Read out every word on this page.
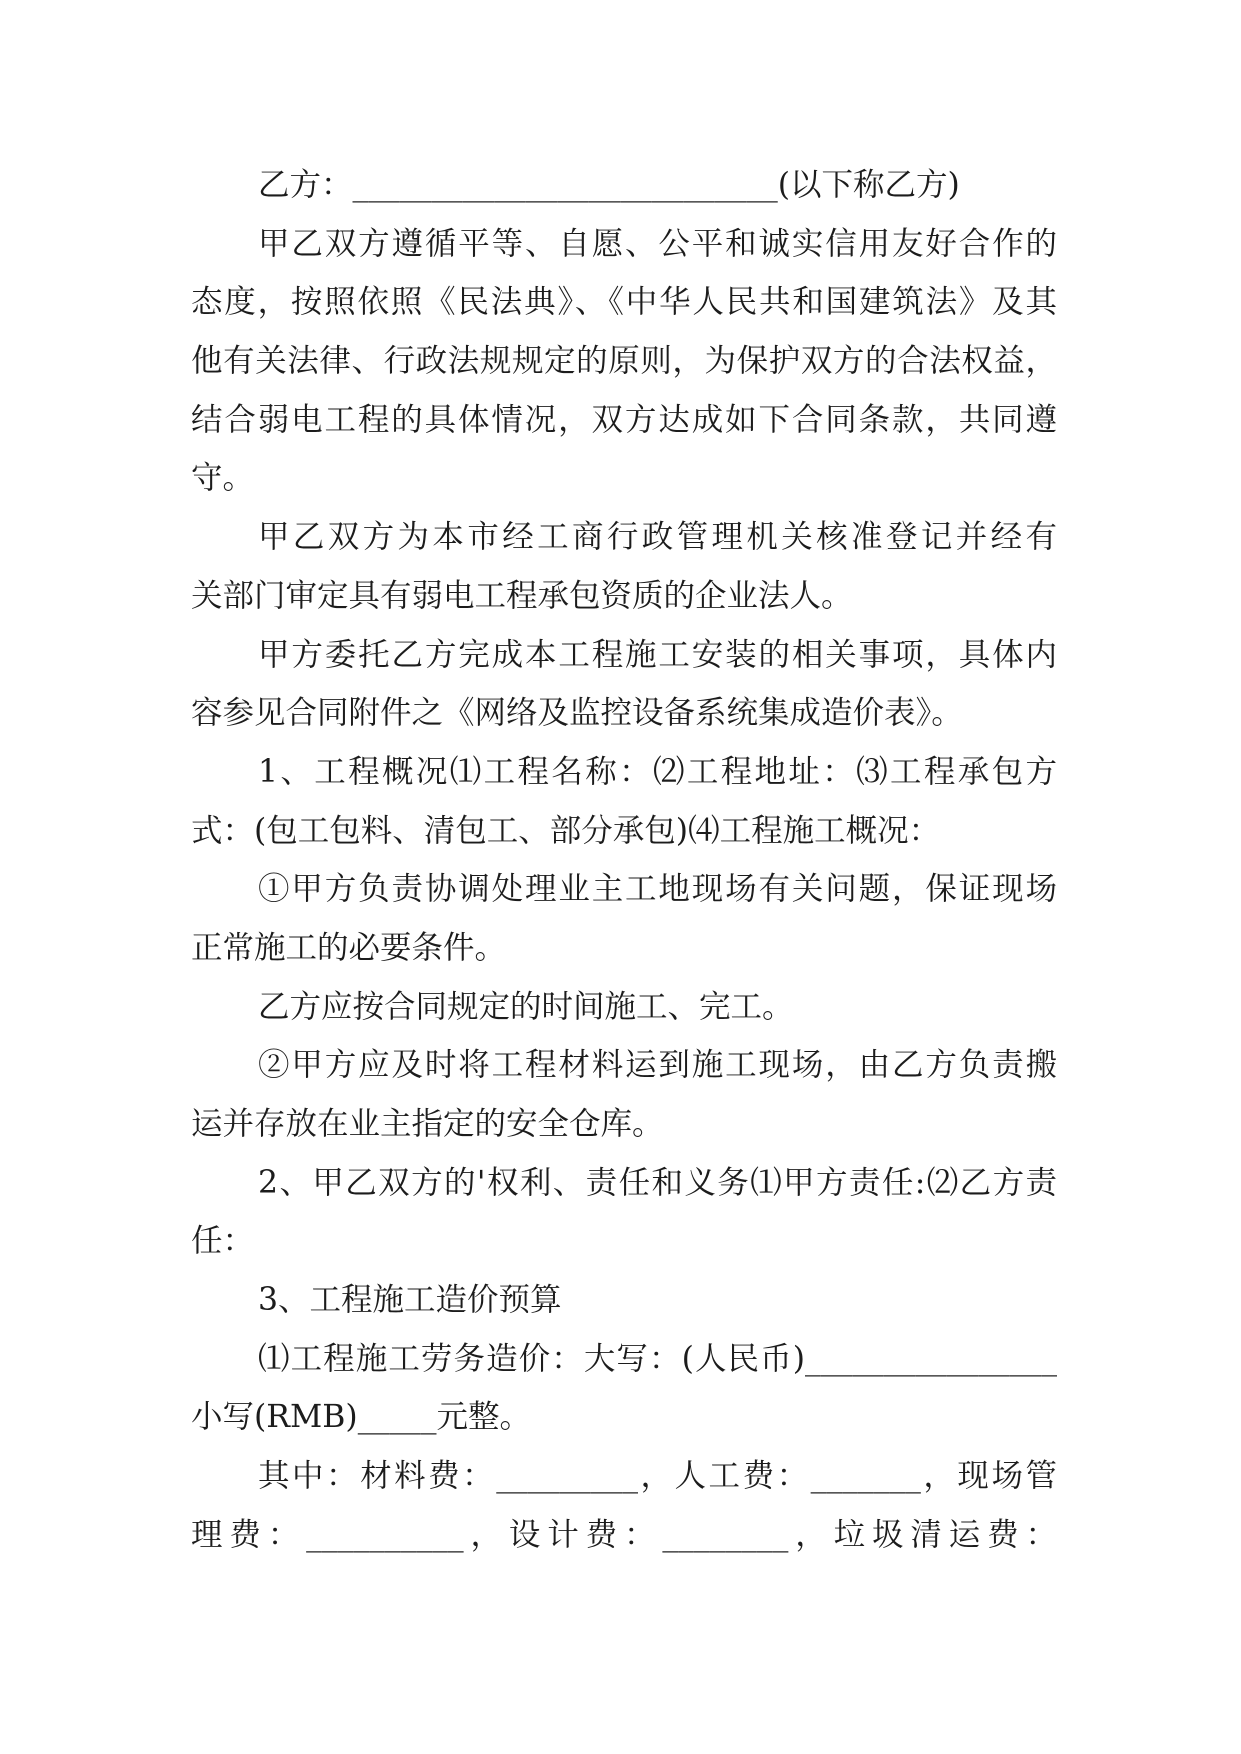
乙方：___________________________(以下称乙方)
甲乙双方遵循平等、自愿、公平和诚实信用友好合作的
态度，按照依照《民法典》、《中华人民共和国建筑法》及其
他有关法律、行政法规规定的原则，为保护双方的合法权益，
结合弱电工程的具体情况，双方达成如下合同条款，共同遵
守。
甲乙双方为本市经工商行政管理机关核准登记并经有
关部门审定具有弱电工程承包资质的企业法人。
甲方委托乙方完成本工程施工安装的相关事项，具体内
容参见合同附件之《网络及监控设备系统集成造价表》。
1、工程概况⑴工程名称：⑵工程地址：⑶工程承包方
式：(包工包料、清包工、部分承包)⑷工程施工概况：
①甲方负责协调处理业主工地现场有关问题，保证现场
正常施工的必要条件。
乙方应按合同规定的时间施工、完工。
②甲方应及时将工程材料运到施工现场，由乙方负责搬
运并存放在业主指定的安全仓库。
2、甲乙双方的'权利、责任和义务⑴甲方责任:⑵乙方责
任：
3、工程施工造价预算
⑴工程施工劳务造价：大写：(人民币)________________
小写(RMB)_____元整。
其中：材料费：_________，人工费：_______，现场管
理费：__________，设计费：________，垃圾清运费：
